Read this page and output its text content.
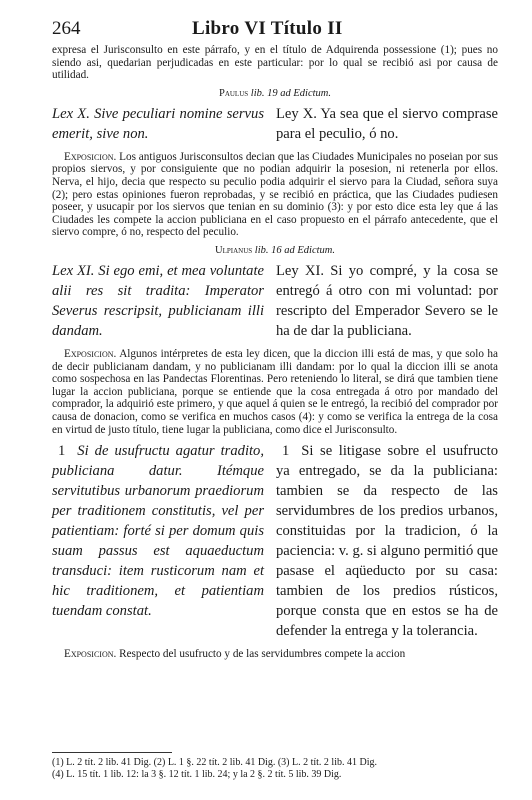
264	Libro VI Título II

expresa el Jurisconsulto en este párrafo, y en el título de Adquirenda possessione (1); pues no siendo asi, quedarian perjudicadas en este particular: por lo qual se recibió asi por causa de utilidad.

Paulus lib. 19 ad Edictum.

Lex X. Sive peculiari nomine servus emerit, sive non.
Ley X. Ya sea que el siervo comprase para el peculio, ó no.

Exposicion. Los antiguos Jurisconsultos decian que las Ciudades Municipales no poseian por sus propios siervos, y por consiguiente que no podian adquirir la posesion, ni retenerla por ellos. Nerva, el hijo, decia que respecto su peculio podia adquirir el siervo para la Ciudad, señora suya (2); pero estas opiniones fueron reprobadas, y se recibió en práctica, que las Ciudades pudiesen poseer, y usucapir por los siervos que tenian en su dominio (3): y por esto dice esta ley que á las Ciudades les compete la accion publiciana en el caso propuesto en el párrafo antecedente, que el siervo compre, ó no, respecto del peculio.

Ulpianus lib. 16 ad Edictum.

Lex XI. Si ego emi, et mea voluntate alii res sit tradita: Imperator Severus rescripsit, publicianam illi dandam.
Ley XI. Si yo compré, y la cosa se entregó á otro con mi voluntad: por rescripto del Emperador Severo se le ha de dar la publiciana.

Exposicion. Algunos intérpretes de esta ley dicen, que la diccion illi está de mas, y que solo ha de decir publicianam dandam, y no publicianam illi dandam: por lo qual la diccion illi se anota como sospechosa en las Pandectas Florentinas. Pero reteniendo lo literal, se dirá que tambien tiene lugar la accion publiciana, porque se entiende que la cosa entregada á otro por mandado del comprador, la adquirió este primero, y que aquel á quien se le entregó, la recibió del comprador por causa de donacion, como se verifica en muchos casos (4): y como se verifica la entrega de la cosa en virtud de justo título, tiene lugar la publiciana, como dice el Jurisconsulto.

1 Si de usufructu agatur tradito, publiciana datur. Itémque servitutibus urbanorum praediorum per traditionem constitutis, vel per patientiam: forté si per domum quis suam passus est aquaeductum transduci: item rusticorum nam et hic traditionem, et patientiam tuendam constat.
1 Si se litigase sobre el usufructo ya entregado, se da la publiciana: tambien se da respecto de las servidumbres de los predios urbanos, constituidas por la tradicion, ó la paciencia: v. g. si alguno permitió que pasase el aqüeducto por su casa: tambien de los predios rústicos, porque consta que en estos se ha de defender la entrega y la tolerancia.

Exposicion. Respecto del usufructo y de las servidumbres compete la accion

(1) L. 2 tít. 2 lib. 41 Dig. (2) L. 1 §. 22 tít. 2 lib. 41 Dig. (3) L. 2 tít. 2 lib. 41 Dig.

(4) L. 15 tít. 1 lib. 12: la 3 §. 12 tít. 1 lib. 24; y la 2 §. 2 tít. 5 lib. 39 Dig.
